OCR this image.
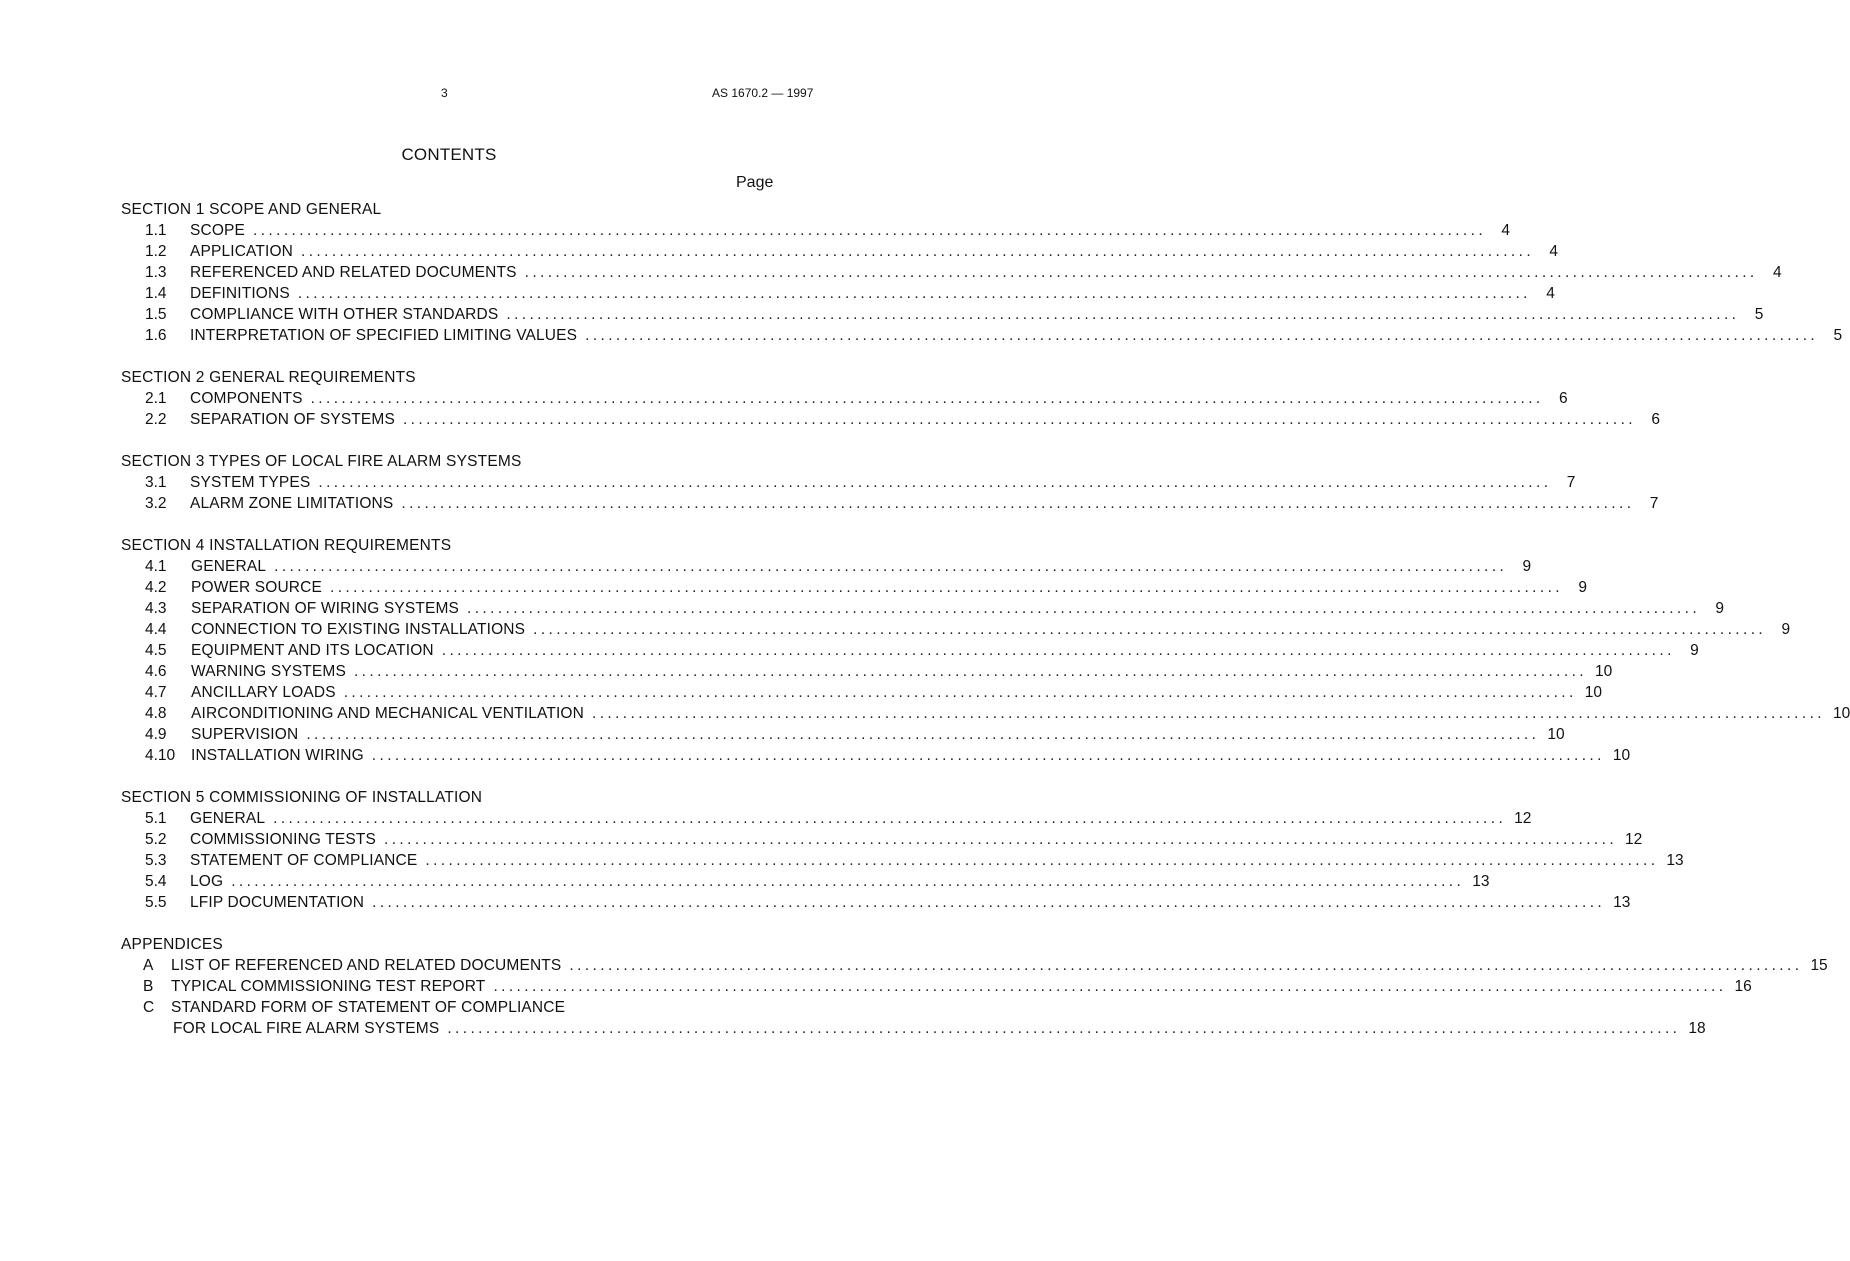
3	AS 1670.2 — 1997
CONTENTS
Page
SECTION 1 SCOPE AND GENERAL
1.1	SCOPE ................................................................................................................................................................ 4
1.2	APPLICATION ................................................................................................................................................................ 4
1.3	REFERENCED AND RELATED DOCUMENTS ................................................................................................................................................................ 4
1.4	DEFINITIONS ................................................................................................................................................................ 4
1.5	COMPLIANCE WITH OTHER STANDARDS ................................................................................................................................................................ 5
1.6	INTERPRETATION OF SPECIFIED LIMITING VALUES ................................................................................................................................................................ 5
SECTION 2 GENERAL REQUIREMENTS
2.1	COMPONENTS ................................................................................................................................................................ 6
2.2	SEPARATION OF SYSTEMS ................................................................................................................................................................ 6
SECTION 3 TYPES OF LOCAL FIRE ALARM SYSTEMS
3.1	SYSTEM TYPES ................................................................................................................................................................ 7
3.2	ALARM ZONE LIMITATIONS ................................................................................................................................................................ 7
SECTION 4 INSTALLATION REQUIREMENTS
4.1	GENERAL ................................................................................................................................................................ 9
4.2	POWER SOURCE ................................................................................................................................................................ 9
4.3	SEPARATION OF WIRING SYSTEMS ................................................................................................................................................................ 9
4.4	CONNECTION TO EXISTING INSTALLATIONS ................................................................................................................................................................ 9
4.5	EQUIPMENT AND ITS LOCATION ................................................................................................................................................................ 9
4.6	WARNING SYSTEMS ................................................................................................................................................................ 10
4.7	ANCILLARY LOADS ................................................................................................................................................................ 10
4.8	AIRCONDITIONING AND MECHANICAL VENTILATION ................................................................................................................................................................ 10
4.9	SUPERVISION ................................................................................................................................................................ 10
4.10	INSTALLATION WIRING ................................................................................................................................................................ 10
SECTION 5 COMMISSIONING OF INSTALLATION
5.1	GENERAL ................................................................................................................................................................ 12
5.2	COMMISSIONING TESTS ................................................................................................................................................................ 12
5.3	STATEMENT OF COMPLIANCE ................................................................................................................................................................ 13
5.4	LOG ................................................................................................................................................................ 13
5.5	LFIP DOCUMENTATION ................................................................................................................................................................ 13
APPENDICES
A	LIST OF REFERENCED AND RELATED DOCUMENTS ................................................................................................................................................................ 15
B	TYPICAL COMMISSIONING TEST REPORT ................................................................................................................................................................ 16
C	STANDARD FORM OF STATEMENT OF COMPLIANCE
FOR LOCAL FIRE ALARM SYSTEMS ................................................................................................................................................................ 18
